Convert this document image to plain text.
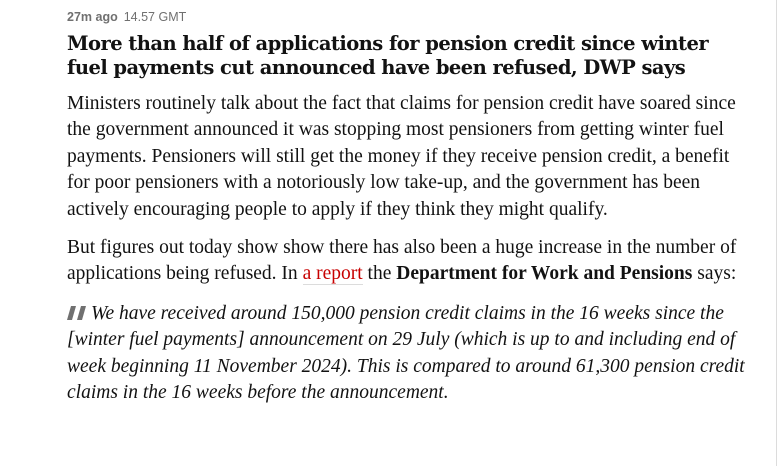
27m ago 14.57 GMT
More than half of applications for pension credit since winter fuel payments cut announced have been refused, DWP says

Ministers routinely talk about the fact that claims for pension credit have soared since the government announced it was stopping most pensioners from getting winter fuel payments. Pensioners will still get the money if they receive pension credit, a benefit for poor pensioners with a notoriously low take-up, and the government has been actively encouraging people to apply if they think they might qualify.

But figures out today show show there has also been a huge increase in the number of applications being refused. In a report the Department for Work and Pensions says:

We have received around 150,000 pension credit claims in the 16 weeks since the [winter fuel payments] announcement on 29 July (which is up to and including end of week beginning 11 November 2024). This is compared to around 61,300 pension credit claims in the 16 weeks before the announcement.
